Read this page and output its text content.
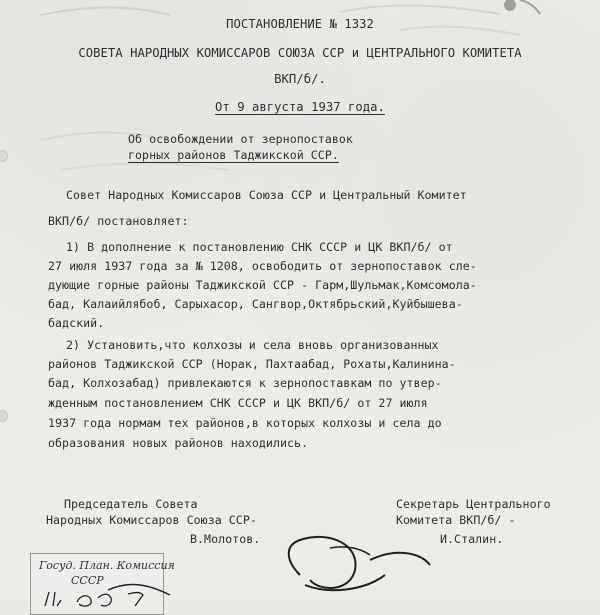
ПОСТАНОВЛЕНИЕ № 1332
СОВЕТА НАРОДНЫХ КОМИССАРОВ СОЮЗА ССР и ЦЕНТРАЛЬНОГО КОМИТЕТА
ВКП/б/.
От 9 августа 1937 года.
Об освобождении от зернопоставок
горных районов Таджикской ССР.
Совет Народных Комиссаров Союза ССР и Центральный Комитет
ВКП/б/ постановляет:
1) В дополнение к постановлению СНК СССР и ЦК ВКП/б/ от
27 июля 1937 года за № 1208, освободить от зернопоставок сле-
дующие горные районы Таджикской ССР - Гарм,Шульмак,Комсомола-
бад, Калаийлябоб, Сарыхасор, Сангвор,Октябрьский,Куйбышева-
бадский.
2) Установить,что колхозы и села вновь организованных
районов Таджикской ССР (Норак, Пахтаабад, Рохаты,Калинина-
бад, Колхозабад) привлекаются к зернопоставкам по утвер-
жденным постановлением СНК СССР и ЦК ВКП/б/ от 27 июля
1937 года нормам тех районов,в которых колхозы и села до
образования новых районов находились.
Председатель Совета
Народных Комиссаров Союза ССР-
В.Молотов.
Секретарь Центрального
Комитета ВКП/б/ -
И.Сталин.
Госуд. План. Комиссия
СССР
